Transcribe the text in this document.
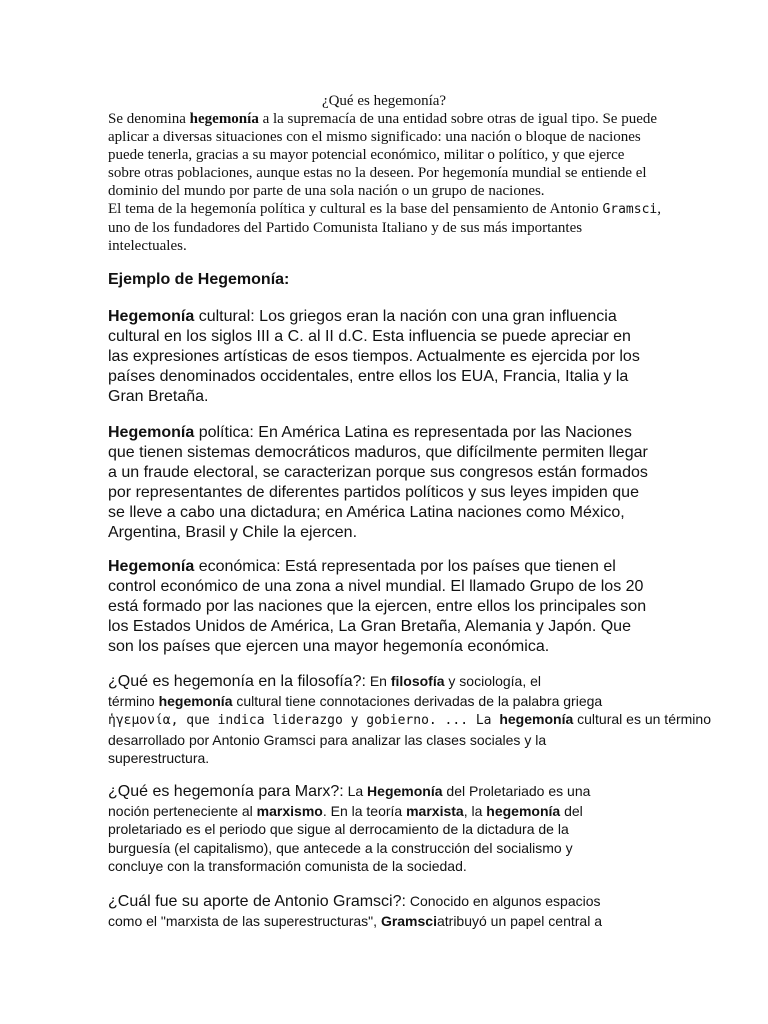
¿Qué es hegemonía?

Se denomina hegemonía a la supremacía de una entidad sobre otras de igual tipo. Se puede
aplicar a diversas situaciones con el mismo significado: una nación o bloque de naciones
puede tenerla, gracias a su mayor potencial económico, militar o político, y que ejerce
sobre otras poblaciones, aunque estas no la deseen. Por hegemonía mundial se entiende el
dominio del mundo por parte de una sola nación o un grupo de naciones.
El tema de la hegemonía política y cultural es la base del pensamiento de Antonio Gramsci,
uno de los fundadores del Partido Comunista Italiano y de sus más importantes
intelectuales.

Ejemplo de Hegemonía:

Hegemonía cultural: Los griegos eran la nación con una gran influencia
cultural en los siglos III a C. al II d.C. Esta influencia se puede apreciar en
las expresiones artísticas de esos tiempos. Actualmente es ejercida por los
países denominados occidentales, entre ellos los EUA, Francia, Italia y la
Gran Bretaña.
Hegemonía política: En América Latina es representada por las Naciones
que tienen sistemas democráticos maduros, que difícilmente permiten llegar
a un fraude electoral, se caracterizan porque sus congresos están formados
por representantes de diferentes partidos políticos y sus leyes impiden que
se lleve a cabo una dictadura; en América Latina naciones como México,
Argentina, Brasil y Chile la ejercen.
Hegemonía económica: Está representada por los países que tienen el
control económico de una zona a nivel mundial. El llamado Grupo de los 20
está formado por las naciones que la ejercen, entre ellos los principales son
los Estados Unidos de América, La Gran Bretaña, Alemania y Japón. Que
son los países que ejercen una mayor hegemonía económica.
¿Qué es hegemonía en la filosofía?: En filosofía y sociología, el
término hegemonía cultural tiene connotaciones derivadas de la palabra griega
ἡγεμονία, que indica liderazgo y gobierno. ... La hegemonía cultural es un término
desarrollado por Antonio Gramsci para analizar las clases sociales y la
superestructura.
¿Qué es hegemonía para Marx?: La Hegemonía del Proletariado es una
noción perteneciente al marxismo. En la teoría marxista, la hegemonía del
proletariado es el periodo que sigue al derrocamiento de la dictadura de la
burguesía (el capitalismo), que antecede a la construcción del socialismo y
concluye con la transformación comunista de la sociedad.
¿Cuál fue su aporte de Antonio Gramsci?: Conocido en algunos espacios
como el "marxista de las superestructuras", Gramsciatribuyó un papel central a
